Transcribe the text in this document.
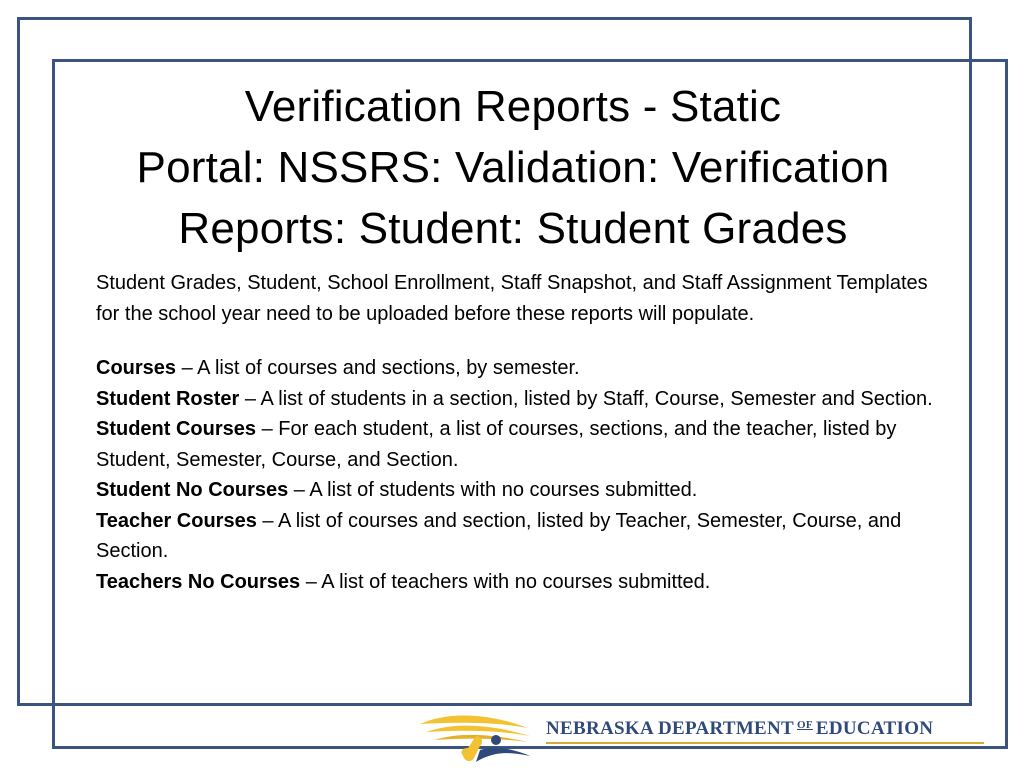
Verification Reports - Static
Portal: NSSRS: Validation: Verification
Reports: Student: Student Grades

Student Grades, Student, School Enrollment, Staff Snapshot, and Staff Assignment Templates for the school year need to be uploaded before these reports will populate.

Courses – A list of courses and sections, by semester.

Student Roster – A list of students in a section, listed by Staff, Course, Semester and Section.

Student Courses – For each student, a list of courses, sections, and the teacher, listed by Student, Semester, Course, and Section.

Student No Courses – A list of students with no courses submitted.

Teacher Courses – A list of courses and section, listed by Teacher, Semester, Course, and Section.

Teachers No Courses – A list of teachers with no courses submitted.

NEBRASKA DEPARTMENT $^{OF}$ EDUCATION
